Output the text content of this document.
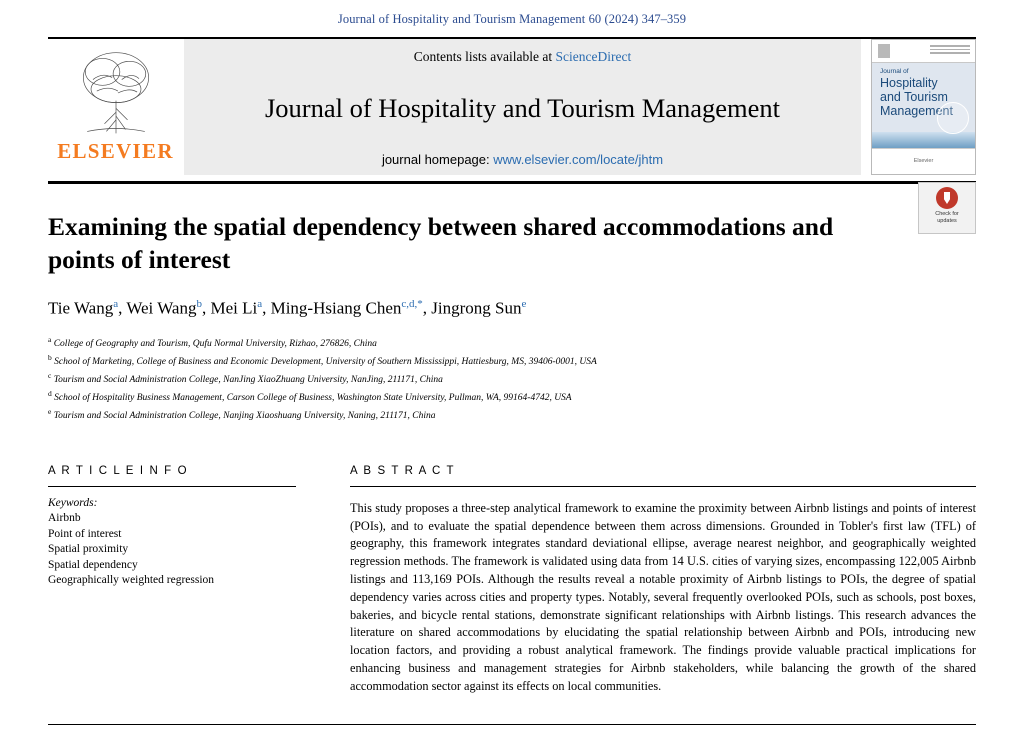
Journal of Hospitality and Tourism Management 60 (2024) 347–359
ELSEVIER
Contents lists available at ScienceDirect
Journal of Hospitality and Tourism Management
journal homepage: www.elsevier.com/locate/jhtm
Journal of
Hospitality
and Tourism
Management
Elsevier
Check for
updates
Examining the spatial dependency between shared accommodations and points of interest
Tie Wang$^a$, Wei Wang$^b$, Mei Li$^a$, Ming-Hsiang Chen$^{c,d,*}$, Jingrong Sun$^e$
$^a$ College of Geography and Tourism, Qufu Normal University, Rizhao, 276826, China
$^b$ School of Marketing, College of Business and Economic Development, University of Southern Mississippi, Hattiesburg, MS, 39406-0001, USA
$^c$ Tourism and Social Administration College, NanJing XiaoZhuang University, NanJing, 211171, China
$^d$ School of Hospitality Business Management, Carson College of Business, Washington State University, Pullman, WA, 99164-4742, USA
$^e$ Tourism and Social Administration College, Nanjing Xiaoshuang University, Naning, 211171, China
A R T I C L E I N F O
Keywords:
Airbnb
Point of interest
Spatial proximity
Spatial dependency
Geographically weighted regression
A B S T R A C T

This study proposes a three-step analytical framework to examine the proximity between Airbnb listings and points of interest (POIs), and to evaluate the spatial dependence between them across dimensions. Grounded in Tobler's first law (TFL) of geography, this framework integrates standard deviational ellipse, average nearest neighbor, and geographically weighted regression methods. The framework is validated using data from 14 U.S. cities of varying sizes, encompassing 122,005 Airbnb listings and 113,169 POIs. Although the results reveal a notable proximity of Airbnb listings to POIs, the degree of spatial dependency varies across cities and property types. Notably, several frequently overlooked POIs, such as schools, post boxes, bakeries, and bicycle rental stations, demonstrate significant relationships with Airbnb listings. This research advances the literature on shared accommodations by elucidating the spatial relationship between Airbnb and POIs, introducing new location factors, and providing a robust analytical framework. The findings provide valuable practical implications for enhancing business and management strategies for Airbnb stakeholders, while balancing the growth of the shared accommodation sector against its effects on local communities.
